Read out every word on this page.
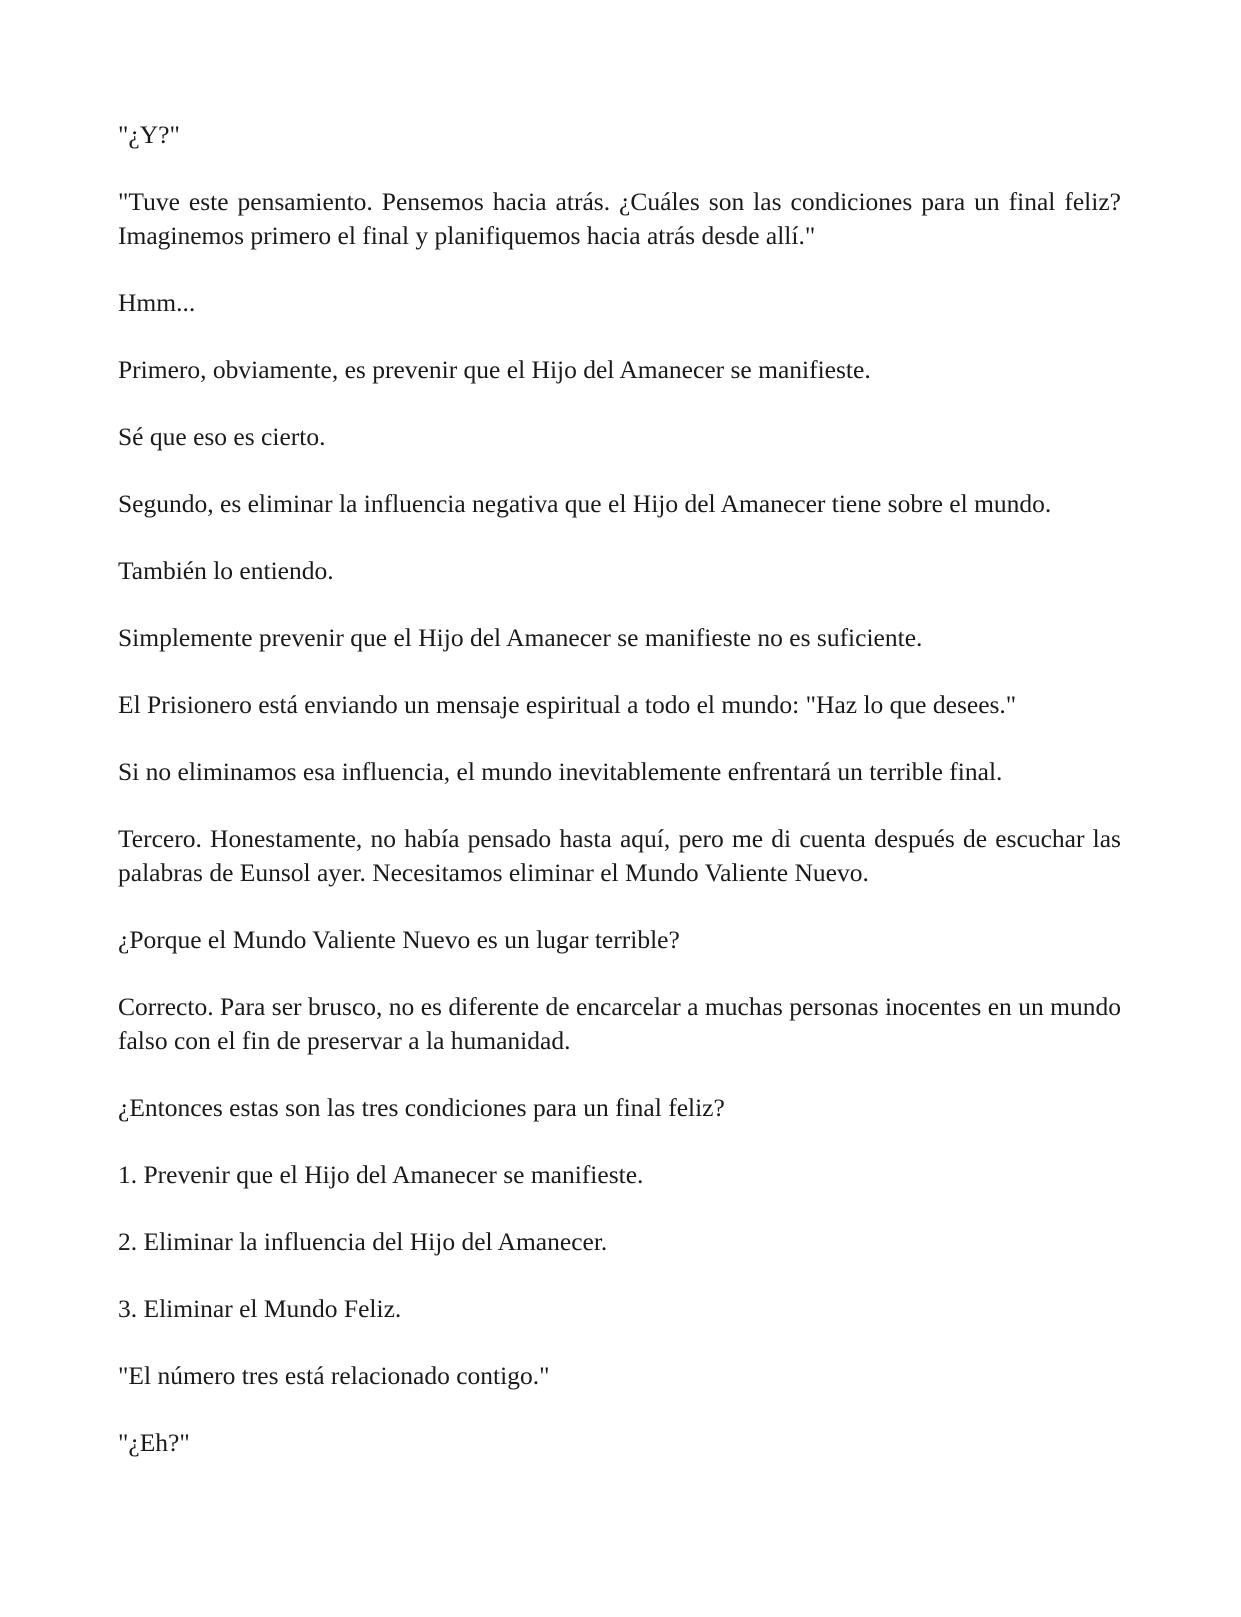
"¿Y?"

"Tuve este pensamiento. Pensemos hacia atrás. ¿Cuáles son las condiciones para un final feliz? Imaginemos primero el final y planifiquemos hacia atrás desde allí."

Hmm...

Primero, obviamente, es prevenir que el Hijo del Amanecer se manifieste.

Sé que eso es cierto.

Segundo, es eliminar la influencia negativa que el Hijo del Amanecer tiene sobre el mundo.

También lo entiendo.

Simplemente prevenir que el Hijo del Amanecer se manifieste no es suficiente.

El Prisionero está enviando un mensaje espiritual a todo el mundo: "Haz lo que desees."

Si no eliminamos esa influencia, el mundo inevitablemente enfrentará un terrible final.

Tercero. Honestamente, no había pensado hasta aquí, pero me di cuenta después de escuchar las palabras de Eunsol ayer. Necesitamos eliminar el Mundo Valiente Nuevo.

¿Porque el Mundo Valiente Nuevo es un lugar terrible?

Correcto. Para ser brusco, no es diferente de encarcelar a muchas personas inocentes en un mundo falso con el fin de preservar a la humanidad.

¿Entonces estas son las tres condiciones para un final feliz?

1. Prevenir que el Hijo del Amanecer se manifieste.

2. Eliminar la influencia del Hijo del Amanecer.

3. Eliminar el Mundo Feliz.

"El número tres está relacionado contigo."

"¿Eh?"
